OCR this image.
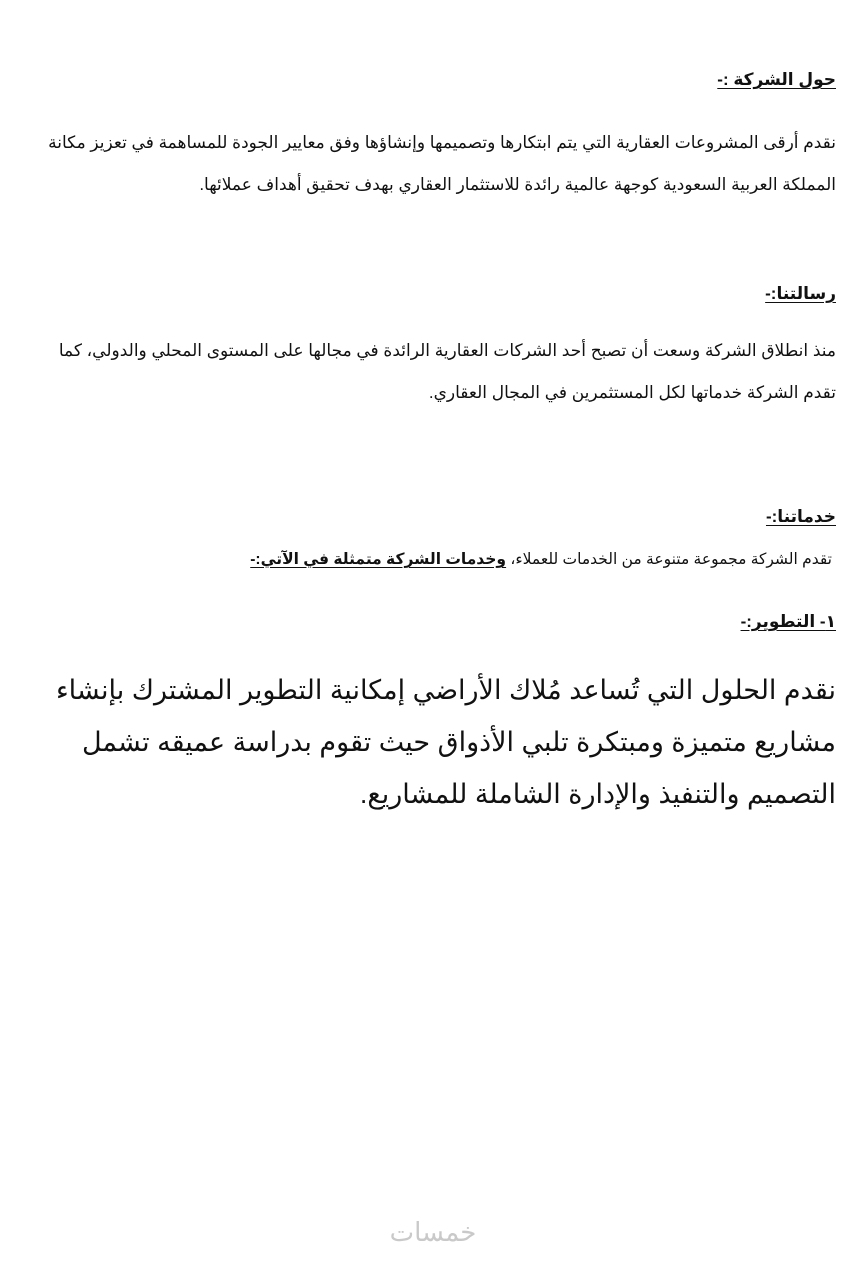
حول الشركة :-
نقدم أرقى المشروعات العقارية التي يتم ابتكارها وتصميمها وإنشاؤها وفق معايير الجودة للمساهمة في تعزيز مكانة المملكة العربية السعودية كوجهة عالمية رائدة للاستثمار العقاري بهدف تحقيق أهداف عملائها.
رسالتنا:-
منذ انطلاق الشركة وسعت أن تصبح أحد الشركات العقارية الرائدة في مجالها على المستوى المحلي والدولي، كما تقدم الشركة خدماتها لكل المستثمرين في المجال العقاري.
خدماتنا:-
تقدم الشركة مجموعة متنوعة من الخدمات للعملاء، وخدمات الشركة متمثلة في الآتي:-
١- التطوير:-
نقدم الحلول التي تُساعد مُلاك الأراضي إمكانية التطوير المشترك بإنشاء مشاريع متميزة ومبتكرة تلبي الأذواق حيث تقوم بدراسة عميقه تشمل التصميم والتنفيذ والإدارة الشاملة للمشاريع.
خمسات
